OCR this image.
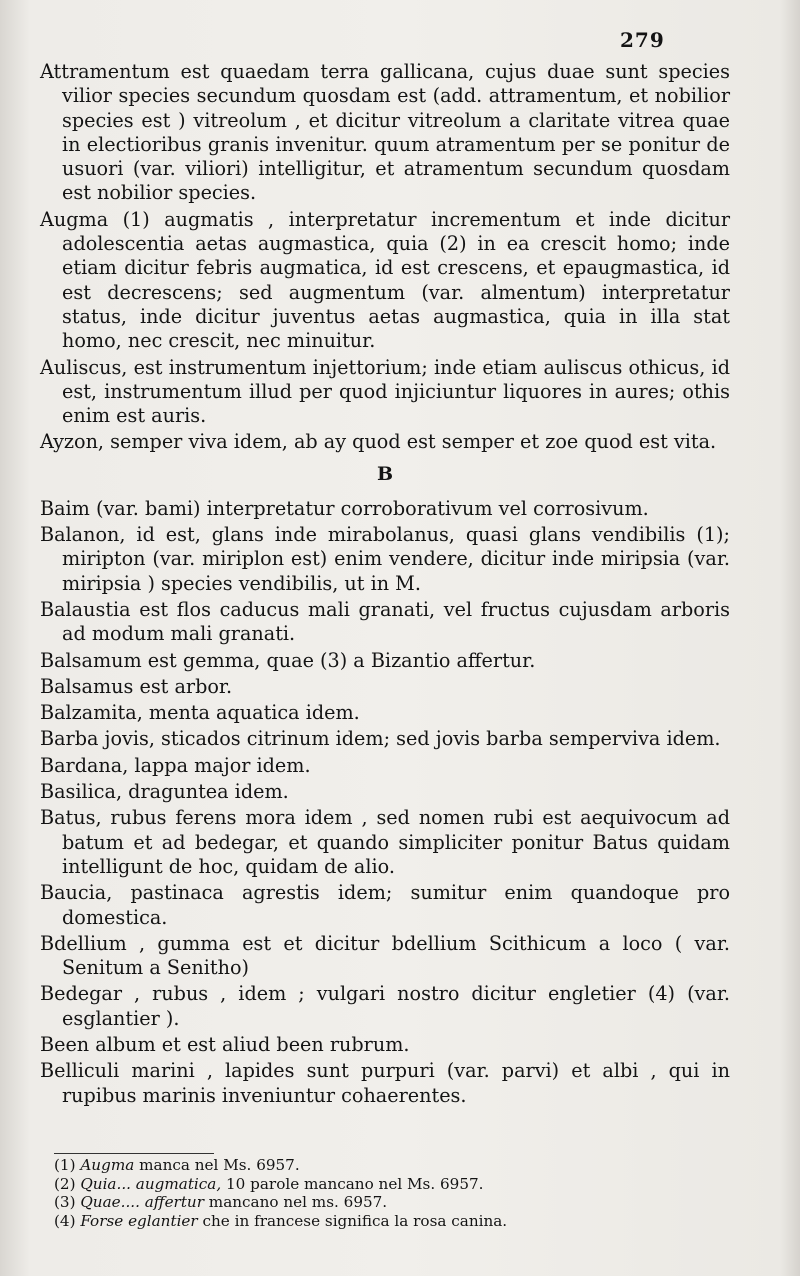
279

Attramentum est quaedam terra gallicana, cujus duae sunt species vilior species secundum quosdam est (add. attramentum, et nobilior species est ) vitreolum , et dicitur vitreolum a claritate vitrea quae in electioribus granis invenitur. quum atramentum per se ponitur de usuori (var. viliori) intelligitur, et atramentum secundum quosdam est nobilior species.

Augma (1) augmatis , interpretatur incrementum et inde dicitur adolescentia aetas augmastica, quia (2) in ea crescit homo; inde etiam dicitur febris augmatica, id est crescens, et epaugmastica, id est decrescens; sed augmentum (var. almentum) interpretatur status, inde dicitur juventus aetas augmastica, quia in illa stat homo, nec crescit, nec minuitur.

Auliscus, est instrumentum injettorium; inde etiam auliscus othicus, id est, instrumentum illud per quod injiciuntur liquores in aures; othis enim est auris.

Ayzon, semper viva idem, ab ay quod est semper et zoe quod est vita.

B

Baim (var. bami) interpretatur corroborativum vel corrosivum.

Balanon, id est, glans inde mirabolanus, quasi glans vendibilis (1); miripton (var. miriplon est) enim vendere, dicitur inde miripsia (var. miripsia ) species vendibilis, ut in M.

Balaustia est flos caducus mali granati, vel fructus cujusdam arboris ad modum mali granati.

Balsamum est gemma, quae (3) a Bizantio affertur.

Balsamus est arbor.

Balzamita, menta aquatica idem.

Barba jovis, sticados citrinum idem; sed jovis barba semperviva idem.

Bardana, lappa major idem.

Basilica, draguntea idem.

Batus, rubus ferens mora idem , sed nomen rubi est aequivocum ad batum et ad bedegar, et quando simpliciter ponitur Batus quidam intelligunt de hoc, quidam de alio.

Baucia, pastinaca agrestis idem; sumitur enim quandoque pro domestica.

Bdellium , gumma est et dicitur bdellium Scithicum a loco ( var. Senitum a Senitho)

Bedegar , rubus , idem ; vulgari nostro dicitur engletier (4) (var. esglantier ).

Been album et est aliud been rubrum.

Belliculi marini , lapides sunt purpuri (var. parvi) et albi , qui in rupibus marinis inveniuntur cohaerentes.

(1) Augma manca nel Ms. 6957.
(2) Quia... augmatica, 10 parole mancano nel Ms. 6957.
(3) Quae.... affertur mancano nel ms. 6957.
(4) Forse eglantier che in francese significa la rosa canina.
